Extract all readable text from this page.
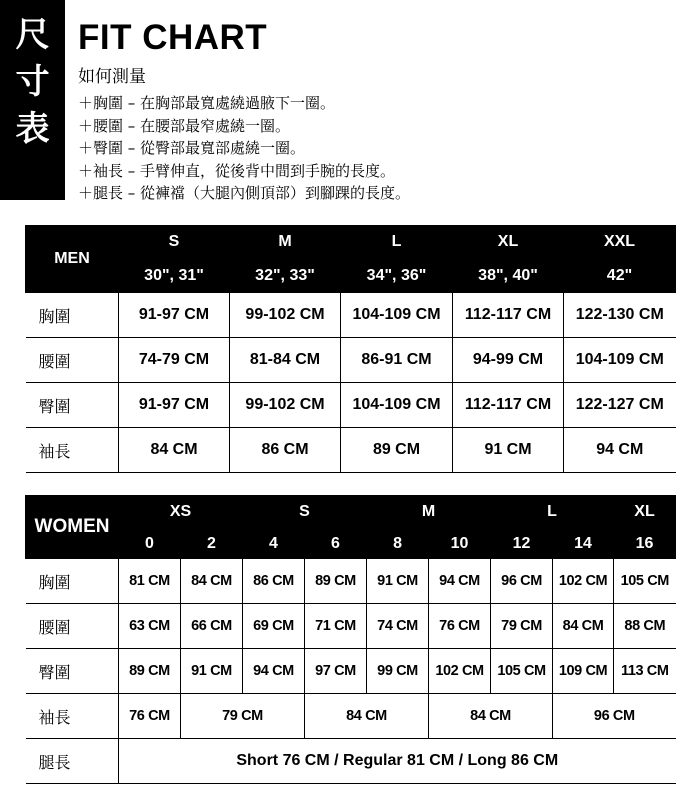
尺
寸
表
FIT CHART
如何測量
＋胸圍 – 在胸部最寬處繞過腋下一圈。
＋腰圍 – 在腰部最窄處繞一圈。
＋臀圍 – 從臀部最寬部處繞一圈。
＋袖長 – 手臂伸直，從後背中間到手腕的長度。
＋腿長 – 從褲襠（大腿內側頂部）到腳踝的長度。
MEN	S	M	L	XL	XXL
	30", 31"	32", 33"	34", 36"	38", 40"	42"
胸圍	91-97 CM	99-102 CM	104-109 CM	112-117 CM	122-130 CM
腰圍	74-79 CM	81-84 CM	86-91 CM	94-99 CM	104-109 CM
臀圍	91-97 CM	99-102 CM	104-109 CM	112-117 CM	122-127 CM
袖長	84 CM	86 CM	89 CM	91 CM	94 CM
WOMEN	XS		S		M		L		XL
	0	2	4	6	8	10	12	14	16
胸圍	81 CM	84 CM	86 CM	89 CM	91 CM	94 CM	96 CM	102 CM	105 CM
腰圍	63 CM	66 CM	69 CM	71 CM	74 CM	76 CM	79 CM	84 CM	88 CM
臀圍	89 CM	91 CM	94 CM	97 CM	99 CM	102 CM	105 CM	109 CM	113 CM
袖長	76 CM	79 CM		84 CM		84 CM		96 CM	
腿長	Short 76 CM / Regular 81 CM / Long 86 CM								
